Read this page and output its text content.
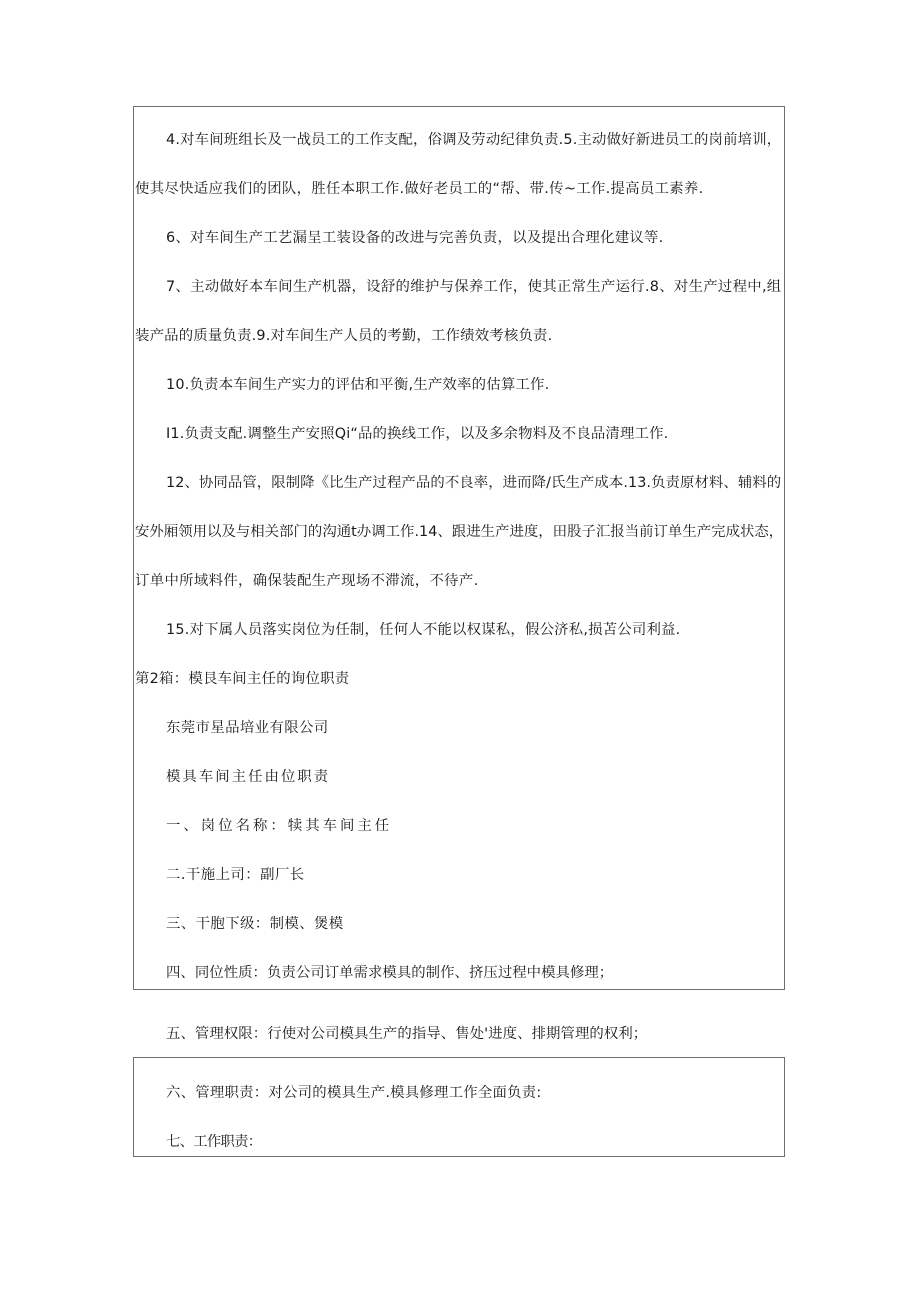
4.对车间班组长及一战员工的工作支配，俗调及劳动纪律负责.5.主动做好新进员工的岗前培训，
使其尽快适应我们的团队，胜任本职工作.做好老员工的“帮、带.传~工作.提高员工素养.
6、对车间生产工艺漏呈工装设备的改进与完善负责，以及提出合理化建议等.
7、主动做好本车间生产机器，设舒的维护与保养工作，使其正常生产运行.8、对生产过程中,组
装产品的质量负责.9.对车间生产人员的考勤，工作绩效考核负责.
10.负责本车间生产实力的评估和平衡,生产效率的估算工作.
I1.负责支配.调整生产安照Qi“品的换线工作，以及多余物料及不良品清理工作.
12、协同品管，限制降《比生产过程产品的不良率，进而降/氏生产成本.13.负责原材料、辅料的
安外厢领用以及与相关部门的沟通t办调工作.14、跟进生产进度，田股子汇报当前订单生产完成状态，
订单中所域料件，确保装配生产现场不滞流，不待产.
15.对下属人员落实岗位为任制，任何人不能以权谋私，假公济私,损苫公司利益.
第2箱：模艮车间主任的询位职责
东莞市星品培业有限公司
模具车间主任由位职责
一、岗位名称：犊其车间主任
二.干施上司：副厂长
三、干胞下级：制模、煲模
四、同位性质：负责公司订单需求模具的制作、挤压过程中模具修理；
五、管理权限：行使对公司模具生产的指导、售处'进度、排期管理的权利；
六、管理职责：对公司的模具生产.模具修理工作全面负责:
七、工作职责：
